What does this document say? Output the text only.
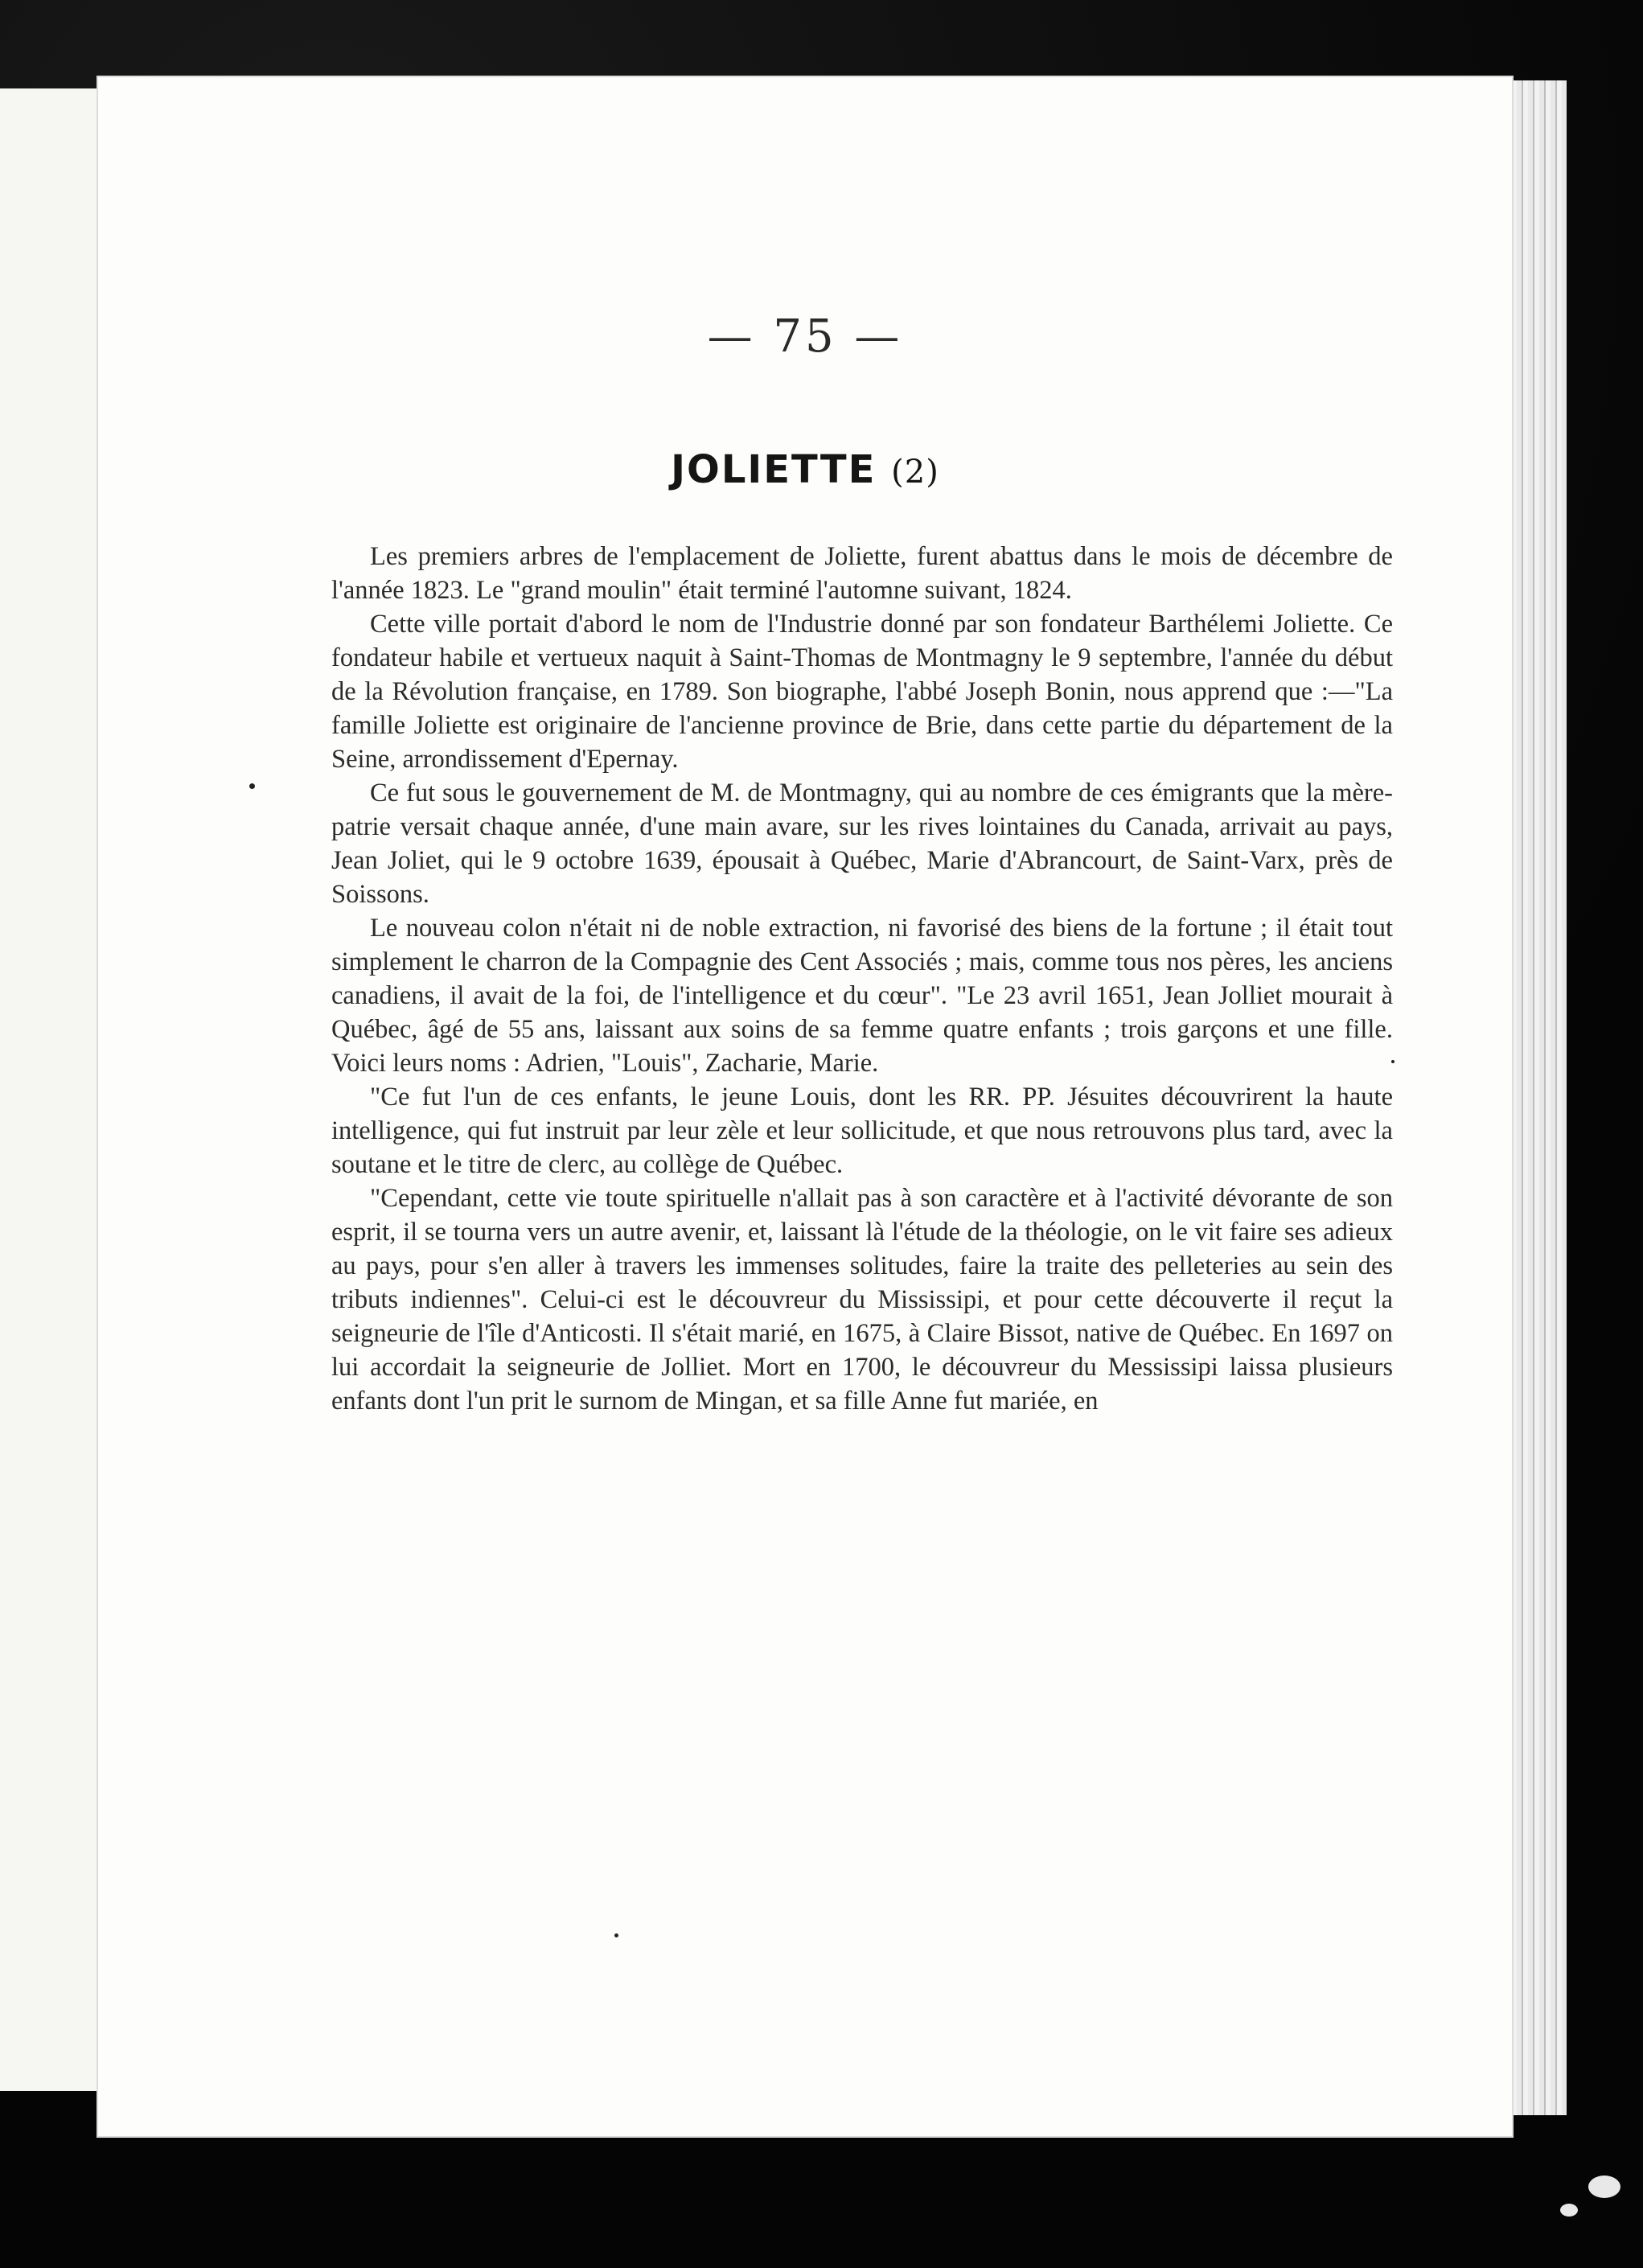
— 75 —
JOLIETTE (2)

Les premiers arbres de l'emplacement de Joliette, furent abattus dans le mois de décembre de l'année 1823. Le "grand moulin" était terminé l'automne suivant, 1824.

Cette ville portait d'abord le nom de l'Industrie donné par son fondateur Barthélemi Joliette. Ce fondateur habile et vertueux naquit à Saint-Thomas de Montmagny le 9 septembre, l'année du début de la Révolution française, en 1789. Son biographe, l'abbé Joseph Bonin, nous apprend que :—"La famille Joliette est originaire de l'ancienne province de Brie, dans cette partie du département de la Seine, arrondissement d'Epernay.

Ce fut sous le gouvernement de M. de Montmagny, qui au nombre de ces émigrants que la mère-patrie versait chaque année, d'une main avare, sur les rives lointaines du Canada, arrivait au pays, Jean Joliet, qui le 9 octobre 1639, épousait à Québec, Marie d'Abrancourt, de Saint-Varx, près de Soissons.

Le nouveau colon n'était ni de noble extraction, ni favorisé des biens de la fortune ; il était tout simplement le charron de la Compagnie des Cent Associés ; mais, comme tous nos pères, les anciens canadiens, il avait de la foi, de l'intelligence et du cœur". "Le 23 avril 1651, Jean Jolliet mourait à Québec, âgé de 55 ans, laissant aux soins de sa femme quatre enfants ; trois garçons et une fille. Voici leurs noms : Adrien, "Louis", Zacharie, Marie.

"Ce fut l'un de ces enfants, le jeune Louis, dont les RR. PP. Jésuites découvrirent la haute intelligence, qui fut instruit par leur zèle et leur sollicitude, et que nous retrouvons plus tard, avec la soutane et le titre de clerc, au collège de Québec.

"Cependant, cette vie toute spirituelle n'allait pas à son caractère et à l'activité dévorante de son esprit, il se tourna vers un autre avenir, et, laissant là l'étude de la théologie, on le vit faire ses adieux au pays, pour s'en aller à travers les immenses solitudes, faire la traite des pelleteries au sein des tributs indiennes". Celui-ci est le découvreur du Mississipi, et pour cette découverte il reçut la seigneurie de l'île d'Anticosti. Il s'était marié, en 1675, à Claire Bissot, native de Québec. En 1697 on lui accordait la seigneurie de Jolliet. Mort en 1700, le découvreur du Messissipi laissa plusieurs enfants dont l'un prit le surnom de Mingan, et sa fille Anne fut mariée, en
